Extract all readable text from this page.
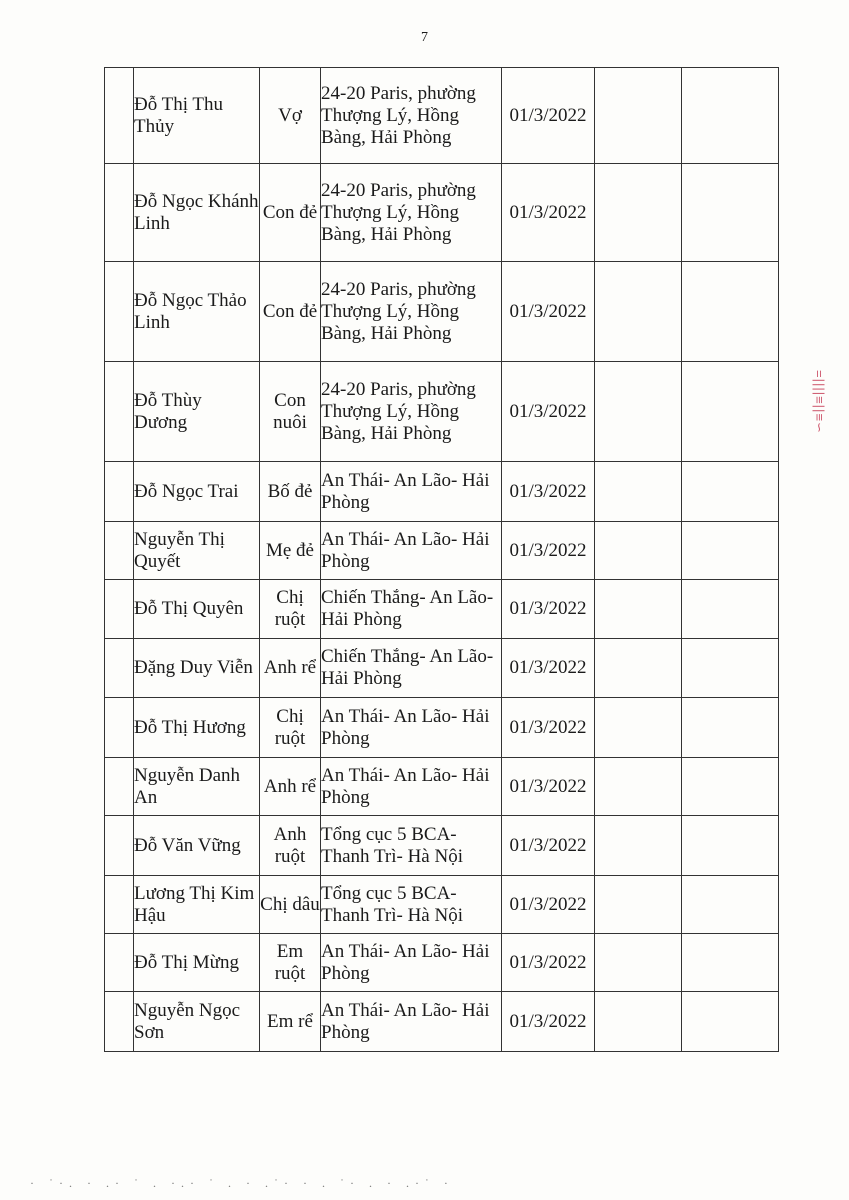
7
	Đỗ Thị Thu Thủy	Vợ	24-20 Paris, phường Thượng Lý, Hồng Bàng, Hải Phòng	01/3/2022		
	Đỗ Ngọc Khánh Linh	Con đẻ	24-20 Paris, phường Thượng Lý, Hồng Bàng, Hải Phòng	01/3/2022		
	Đỗ Ngọc Thảo Linh	Con đẻ	24-20 Paris, phường Thượng Lý, Hồng Bàng, Hải Phòng	01/3/2022		
	Đỗ Thùy Dương	Con nuôi	24-20 Paris, phường Thượng Lý, Hồng Bàng, Hải Phòng	01/3/2022		
	Đỗ Ngọc Trai	Bố đẻ	An Thái- An Lão- Hải Phòng	01/3/2022		
	Nguyễn Thị Quyết	Mẹ đẻ	An Thái- An Lão- Hải Phòng	01/3/2022		
	Đỗ Thị Quyên	Chị ruột	Chiến Thắng- An Lão- Hải Phòng	01/3/2022		
	Đặng Duy Viễn	Anh rể	Chiến Thắng- An Lão- Hải Phòng	01/3/2022		
	Đỗ Thị Hương	Chị ruột	An Thái- An Lão- Hải Phòng	01/3/2022		
	Nguyễn Danh An	Anh rể	An Thái- An Lão- Hải Phòng	01/3/2022		
	Đỗ Văn Vững	Anh ruột	Tổng cục 5 BCA- Thanh Trì- Hà Nội	01/3/2022		
	Lương Thị Kim Hậu	Chị dâu	Tổng cục 5 BCA- Thanh Trì- Hà Nội	01/3/2022		
	Đỗ Thị Mừng	Em ruột	An Thái- An Lão- Hải Phòng	01/3/2022		
	Nguyễn Ngọc Sơn	Em rể	An Thái- An Lão- Hải Phòng	01/3/2022		
=||||≡||≡∽
· ˙·. · .· ˙ . ·.· ˙ . · .˙· · . ˙· . · .·˙ ·
